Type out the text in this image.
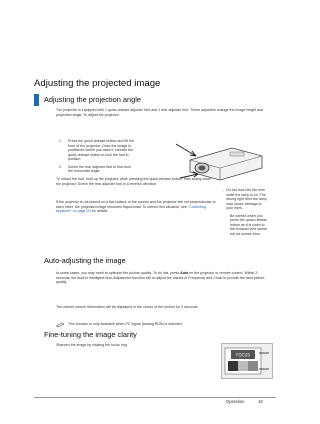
Adjusting the projected image
Adjusting the projection angle
The projector is equipped with 1 quick-release adjuster foot and 1 rear adjuster foot. These adjusters change the image height and projection angle. To adjust the projector:
1. Press the quick-release button and lift the front of the projector. Once the image is positioned where you want it, release the quick-release button to lock the foot in position.
2. Screw the rear adjuster foot to fine-tune the horizontal angle.
To retract the foot, hold up the projector while pressing the quick-release button, then slowly lower the projector. Screw the rear adjuster foot in a reverse direction.
If the projector is not placed on a flat surface or the screen and the projector are not perpendicular to each other, the projected image becomes trapezoidal. To correct this situation, see "Correcting keystone" on page 23 for details.
Do not look into the lens while the lamp is on. The strong light from the lamp may cause damage to your eyes.
Be careful when you press the quick-release button as it is close to the exhaust vent where hot air comes from.
Auto-adjusting the image
In some cases, you may need to optimize the picture quality. To do this, press Auto on the projector or remote control. Within 3 seconds, the built-in Intelligent Auto Adjustment function will re-adjust the values of Frequency and Clock to provide the best picture quality.
The current source information will be displayed in the corner of the screen for 3 seconds.
This function is only available when PC signal (analog RGB) is selected.
Fine-tuning the image clarity
Sharpen the image by rotating the focus ring.
FOCUS
Operation	19
